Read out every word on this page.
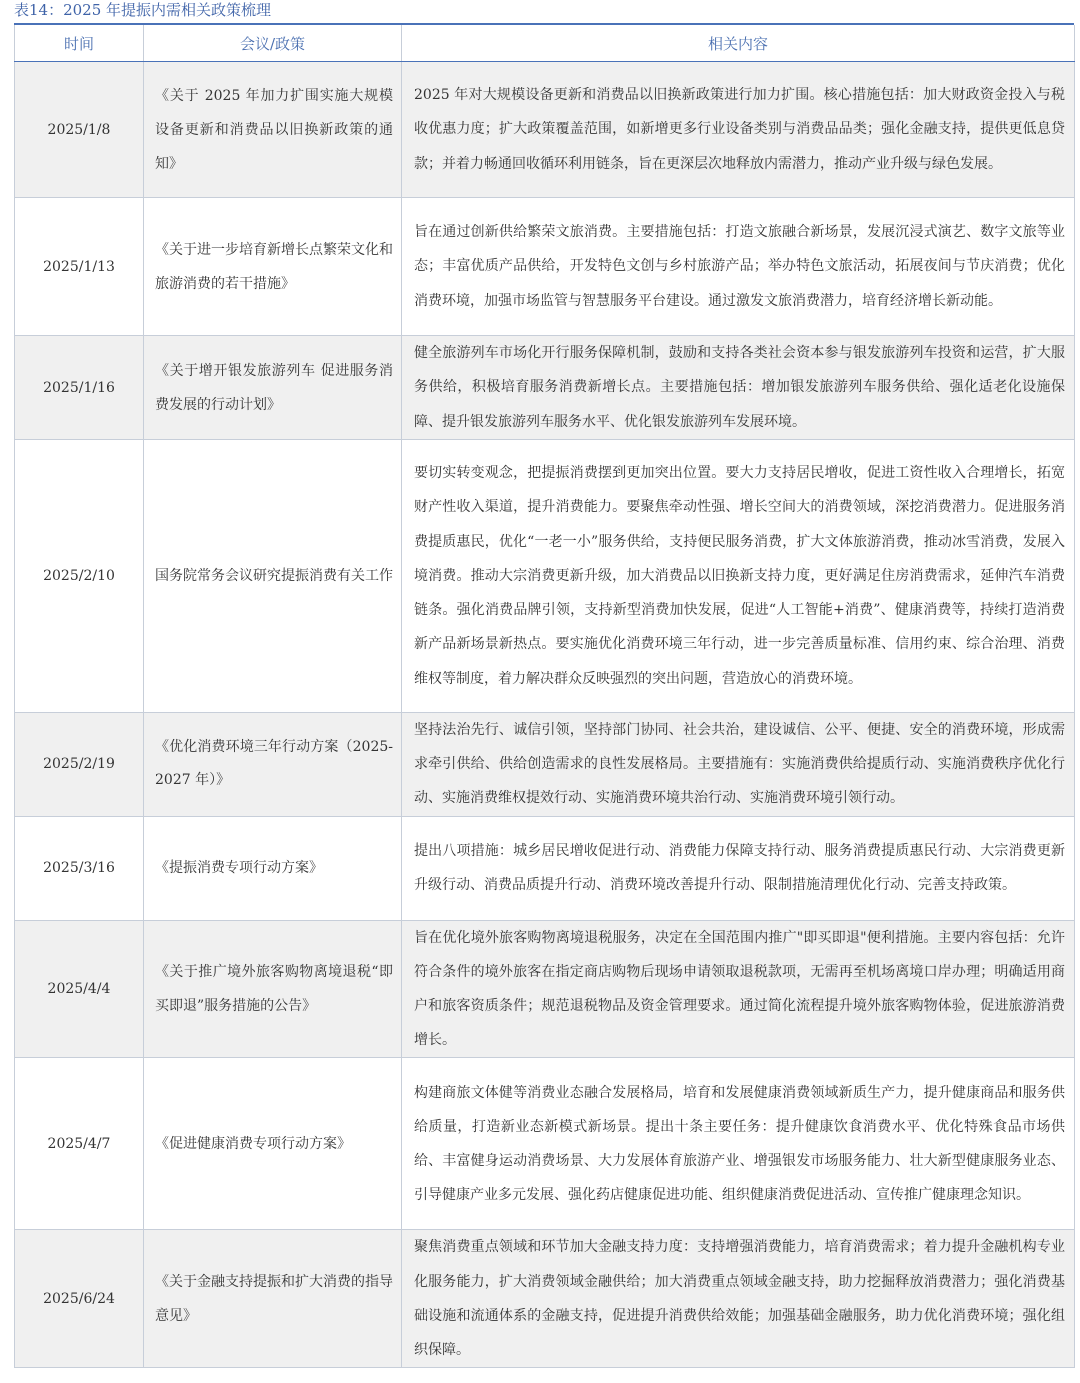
表14：2025 年提振内需相关政策梳理
时间	会议/政策	相关内容
2025/1/8	《关于 2025 年加力扩围实施大规模设备更新和消费品以旧换新政策的通知》	2025 年对大规模设备更新和消费品以旧换新政策进行加力扩围。核心措施包括：加大财政资金投入与税收优惠力度；扩大政策覆盖范围，如新增更多行业设备类别与消费品品类；强化金融支持，提供更低息贷款；并着力畅通回收循环利用链条，旨在更深层次地释放内需潜力，推动产业升级与绿色发展。
2025/1/13	《关于进一步培育新增长点繁荣文化和旅游消费的若干措施》	旨在通过创新供给繁荣文旅消费。主要措施包括：打造文旅融合新场景，发展沉浸式演艺、数字文旅等业态；丰富优质产品供给，开发特色文创与乡村旅游产品；举办特色文旅活动，拓展夜间与节庆消费；优化消费环境，加强市场监管与智慧服务平台建设。通过激发文旅消费潜力，培育经济增长新动能。
2025/1/16	《关于增开银发旅游列车 促进服务消费发展的行动计划》	健全旅游列车市场化开行服务保障机制，鼓励和支持各类社会资本参与银发旅游列车投资和运营，扩大服务供给，积极培育服务消费新增长点。主要措施包括：增加银发旅游列车服务供给、强化适老化设施保障、提升银发旅游列车服务水平、优化银发旅游列车发展环境。
2025/2/10	国务院常务会议研究提振消费有关工作	要切实转变观念，把提振消费摆到更加突出位置。要大力支持居民增收，促进工资性收入合理增长，拓宽财产性收入渠道，提升消费能力。要聚焦牵动性强、增长空间大的消费领域，深挖消费潜力。促进服务消费提质惠民，优化“一老一小”服务供给，支持便民服务消费，扩大文体旅游消费，推动冰雪消费，发展入境消费。推动大宗消费更新升级，加大消费品以旧换新支持力度，更好满足住房消费需求，延伸汽车消费链条。强化消费品牌引领，支持新型消费加快发展，促进“人工智能+消费”、健康消费等，持续打造消费新产品新场景新热点。要实施优化消费环境三年行动，进一步完善质量标准、信用约束、综合治理、消费维权等制度，着力解决群众反映强烈的突出问题，营造放心的消费环境。
2025/2/19	《优化消费环境三年行动方案（2025-2027 年）》	坚持法治先行、诚信引领，坚持部门协同、社会共治，建设诚信、公平、便捷、安全的消费环境，形成需求牵引供给、供给创造需求的良性发展格局。主要措施有：实施消费供给提质行动、实施消费秩序优化行动、实施消费维权提效行动、实施消费环境共治行动、实施消费环境引领行动。
2025/3/16	《提振消费专项行动方案》	提出八项措施：城乡居民增收促进行动、消费能力保障支持行动、服务消费提质惠民行动、大宗消费更新升级行动、消费品质提升行动、消费环境改善提升行动、限制措施清理优化行动、完善支持政策。
2025/4/4	《关于推广境外旅客购物离境退税“即买即退”服务措施的公告》	旨在优化境外旅客购物离境退税服务，决定在全国范围内推广"即买即退"便利措施。主要内容包括：允许符合条件的境外旅客在指定商店购物后现场申请领取退税款项，无需再至机场离境口岸办理；明确适用商户和旅客资质条件；规范退税物品及资金管理要求。通过简化流程提升境外旅客购物体验，促进旅游消费增长。
2025/4/7	《促进健康消费专项行动方案》	构建商旅文体健等消费业态融合发展格局，培育和发展健康消费领域新质生产力，提升健康商品和服务供给质量，打造新业态新模式新场景。提出十条主要任务：提升健康饮食消费水平、优化特殊食品市场供给、丰富健身运动消费场景、大力发展体育旅游产业、增强银发市场服务能力、壮大新型健康服务业态、引导健康产业多元发展、强化药店健康促进功能、组织健康消费促进活动、宣传推广健康理念知识。
2025/6/24	《关于金融支持提振和扩大消费的指导意见》	聚焦消费重点领域和环节加大金融支持力度：支持增强消费能力，培育消费需求；着力提升金融机构专业化服务能力，扩大消费领域金融供给；加大消费重点领域金融支持，助力挖掘释放消费潜力；强化消费基础设施和流通体系的金融支持，促进提升消费供给效能；加强基础金融服务，助力优化消费环境；强化组织保障。
